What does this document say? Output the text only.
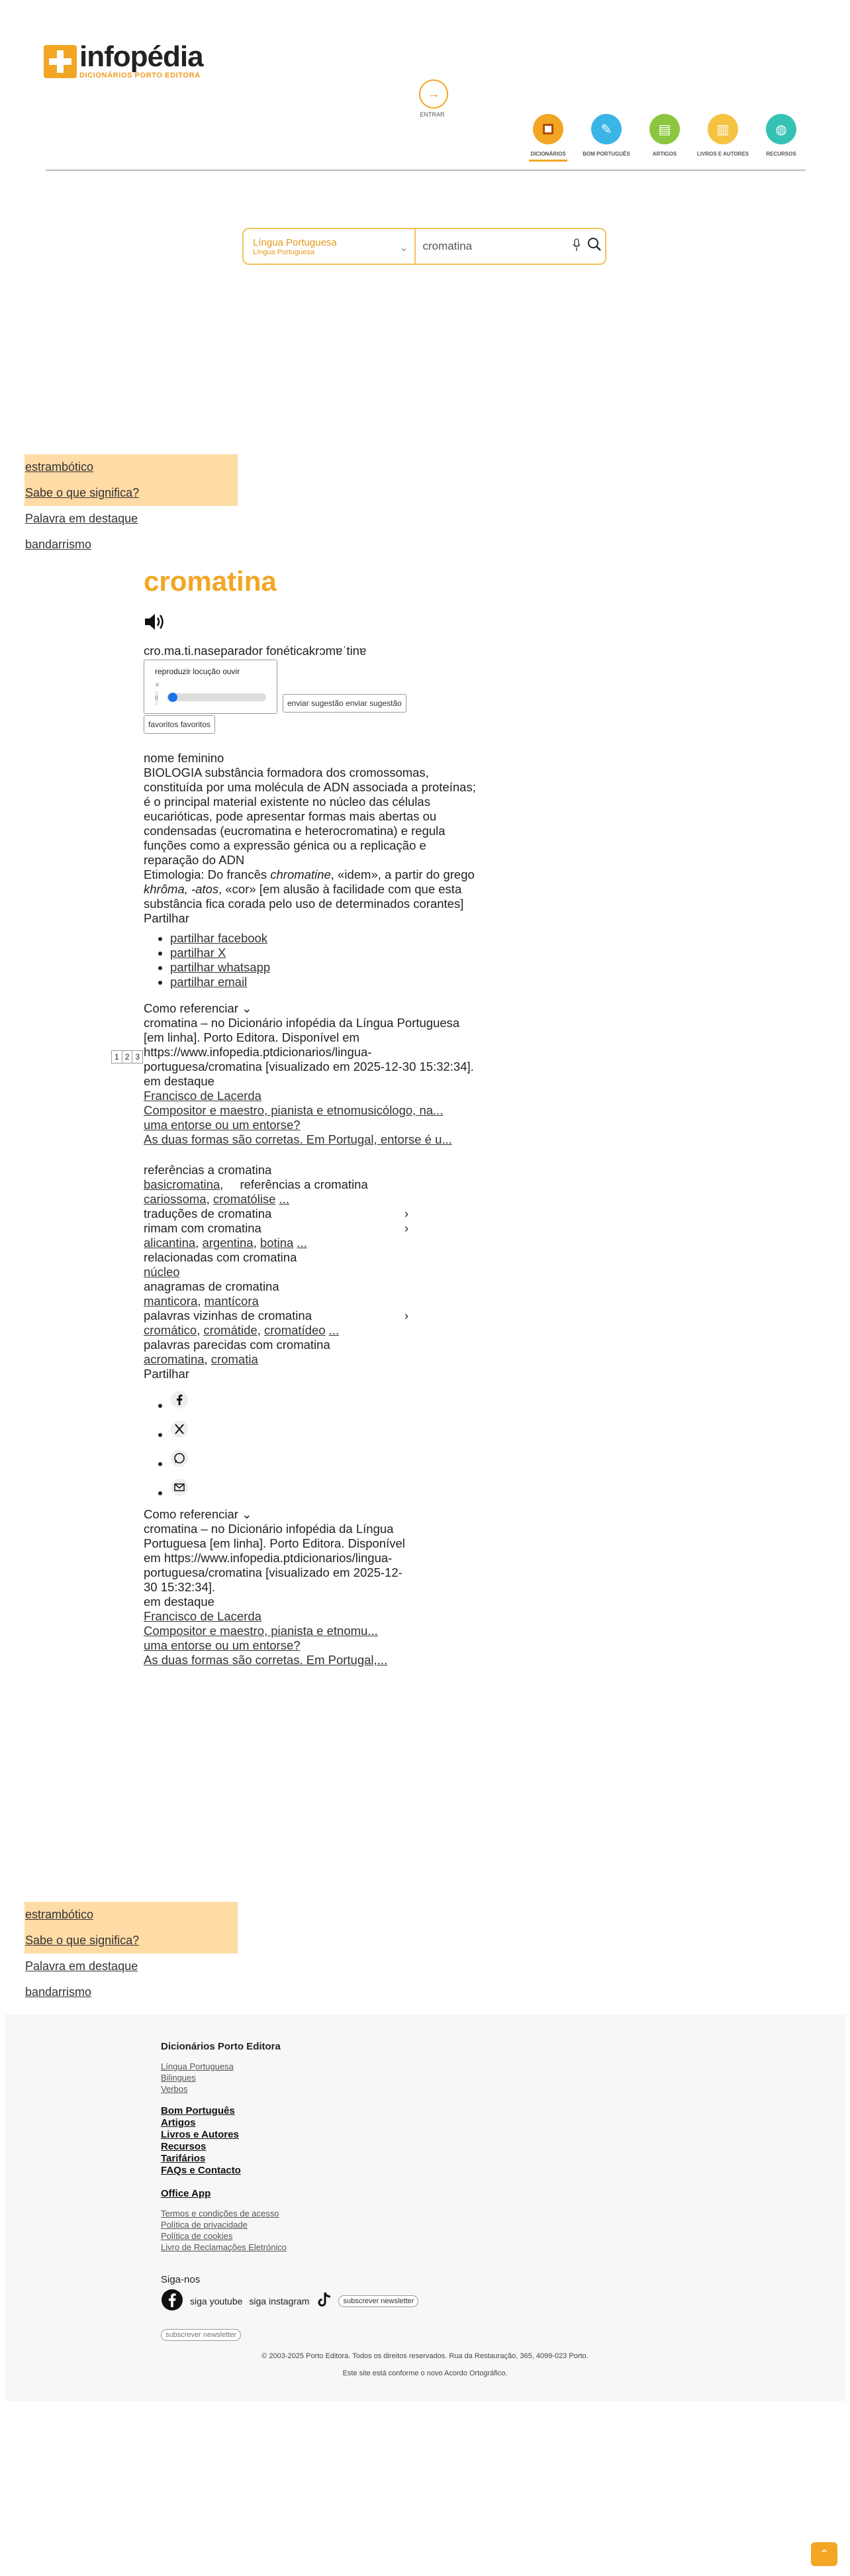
infopédia
DICIONÁRIOS PORTO EDITORA
→
ENTRAR
DICIONÁRIOS
✎
BOM PORTUGUÊS
▤
ARTIGOS
▥
LIVROS E AUTORES
◍
RECURSOS
Língua Portuguesa
Língua Portuguesa	⌄
cromatina
estrambótico
Sabe o que significa?
Palavra em destaque
bandarrismo
1 2 3
cromatina
cro.ma.ti.naseparador fonéticakrɔmɐˈtinɐ
reproduzir locução ouvir
×
II
enviar sugestão enviar sugestão
favoritos favoritos
nome feminino
BIOLOGIA substância formadora dos cromossomas, constituída por uma molécula de ADN associada a proteínas; é o principal material existente no núcleo das células eucarióticas, pode apresentar formas mais abertas ou condensadas (eucromatina e heterocromatina) e regula funções como a expressão génica ou a replicação e reparação do ADN
Etimologia: Do francês chromatine, «idem», a partir do grego khrôma, -atos, «cor» [em alusão à facilidade com que esta substância fica corada pelo uso de determinados corantes]
Partilhar
• partilhar facebook
• partilhar X
• partilhar whatsapp
• partilhar email
Como referenciar ⌄
cromatina – no Dicionário infopédia da Língua Portuguesa [em linha]. Porto Editora. Disponível em https://www.infopedia.ptdicionarios/lingua-portuguesa/cromatina [visualizado em 2025-12-30 15:32:34].
em destaque
Francisco de Lacerda
Compositor e maestro, pianista e etnomusicólogo, na...
uma entorse ou um entorse?
As duas formas são corretas. Em Portugal, entorse é u...
referências a cromatina
basicromatina, referências a cromatina
cariossoma, cromatólise ...
traduções de cromatina	›
rimam com cromatina	›
alicantina, argentina, botina ...
relacionadas com cromatina
núcleo
anagramas de cromatina
manticora, mantícora
palavras vizinhas de cromatina	›
cromático, cromátide, cromatídeo ...
palavras parecidas com cromatina
acromatina, cromatia
Partilhar
•
•
•
•
Como referenciar ⌄
cromatina – no Dicionário infopédia da Língua Portuguesa [em linha]. Porto Editora. Disponível em https://www.infopedia.ptdicionarios/lingua-portuguesa/cromatina [visualizado em 2025-12-30 15:32:34].
em destaque
Francisco de Lacerda
Compositor e maestro, pianista e etnomu...
uma entorse ou um entorse?
As duas formas são corretas. Em Portugal,...
estrambótico
Sabe o que significa?
Palavra em destaque
bandarrismo
Dicionários Porto Editora
Língua Portuguesa
Bilingues
Verbos
Bom Português
Artigos
Livros e Autores
Recursos
Tarifários
FAQs e Contacto
Office App
Termos e condições de acesso
Política de privacidade
Política de cookies
Livro de Reclamações Eletrónico
Siga-nos
siga youtube siga instagram	subscrever newsletter
subscrever newsletter
© 2003-2025 Porto Editora. Todos os direitos reservados. Rua da Restauração, 365, 4099-023 Porto.
Este site está conforme o novo Acordo Ortográfico.
⌃
